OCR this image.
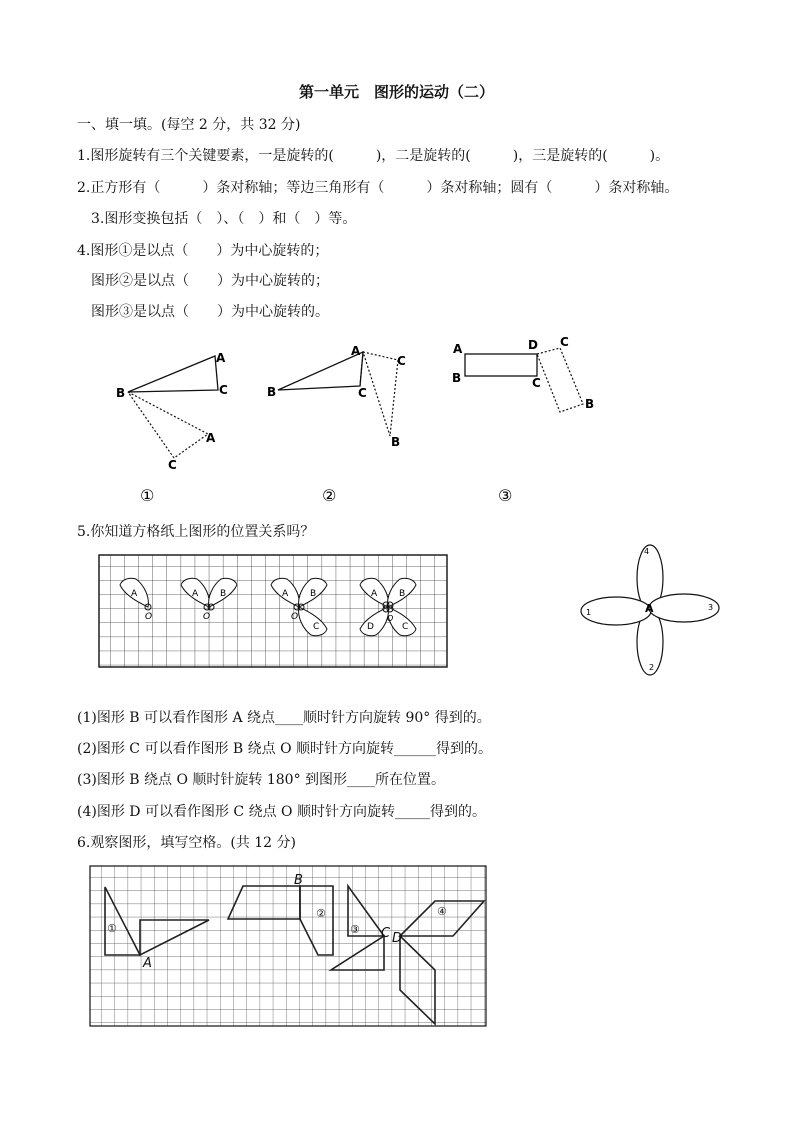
第一单元　图形的运动（二）
一、填一填。(每空 2 分，共 32 分)
1.图形旋转有三个关键要素，一是旋转的(　　　)，二是旋转的(　　　)，三是旋转的(　　　)。
2.正方形有（　　　）条对称轴；等边三角形有（　　　）条对称轴；圆有（　　　）条对称轴。
3.图形变换包括（　）、（　）和（　）等。
4.图形①是以点（　　）为中心旋转的；
图形②是以点（　　）为中心旋转的；
图形③是以点（　　）为中心旋转的。
A
C
B
A
C
A
C
B	C
B
A
B
D C
C
B
①	②	③
5.你知道方格纸上图形的位置关系吗？
A
O
A B
O
A B
C
O
A B
C
D
O
4
1
3
2
A
(1)图形 B 可以看作图形 A 绕点____顺时针方向旋转 90° 得到的。
(2)图形 C 可以看作图形 B 绕点 O 顺时针方向旋转______得到的。
(3)图形 B 绕点 O 顺时针旋转 180° 到图形____所在位置。
(4)图形 D 可以看作图形 C 绕点 O 顺时针方向旋转_____得到的。
6.观察图形，填写空格。(共 12 分)
①
A
B
②
③ C
④
D
